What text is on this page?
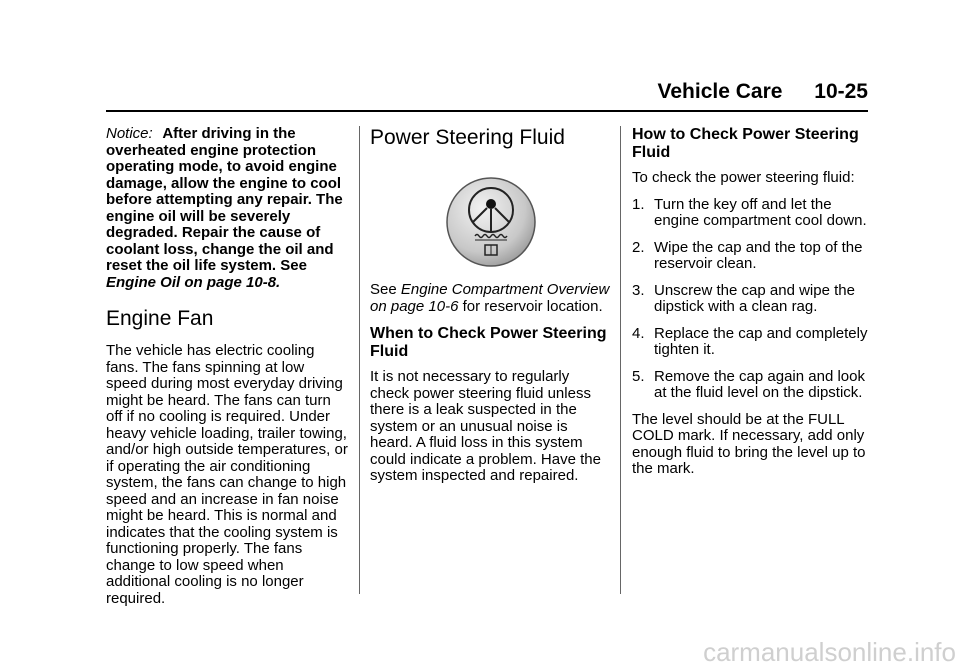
Vehicle Care 10-25

Notice: After driving in the overheated engine protection operating mode, to avoid engine damage, allow the engine to cool before attempting any repair. The engine oil will be severely degraded. Repair the cause of coolant loss, change the oil and reset the oil life system. See Engine Oil on page 10-8.

Engine Fan

The vehicle has electric cooling fans. The fans spinning at low speed during most everyday driving might be heard. The fans can turn off if no cooling is required. Under heavy vehicle loading, trailer towing, and/or high outside temperatures, or if operating the air conditioning system, the fans can change to high speed and an increase in fan noise might be heard. This is normal and indicates that the cooling system is functioning properly. The fans change to low speed when additional cooling is no longer required.

Power Steering Fluid

See Engine Compartment Overview on page 10-6 for reservoir location.

When to Check Power Steering Fluid

It is not necessary to regularly check power steering fluid unless there is a leak suspected in the system or an unusual noise is heard. A fluid loss in this system could indicate a problem. Have the system inspected and repaired.

How to Check Power Steering Fluid

To check the power steering fluid:

1. Turn the key off and let the engine compartment cool down.
2. Wipe the cap and the top of the reservoir clean.
3. Unscrew the cap and wipe the dipstick with a clean rag.
4. Replace the cap and completely tighten it.
5. Remove the cap again and look at the fluid level on the dipstick.

The level should be at the FULL COLD mark. If necessary, add only enough fluid to bring the level up to the mark.

carmanualsonline.info
